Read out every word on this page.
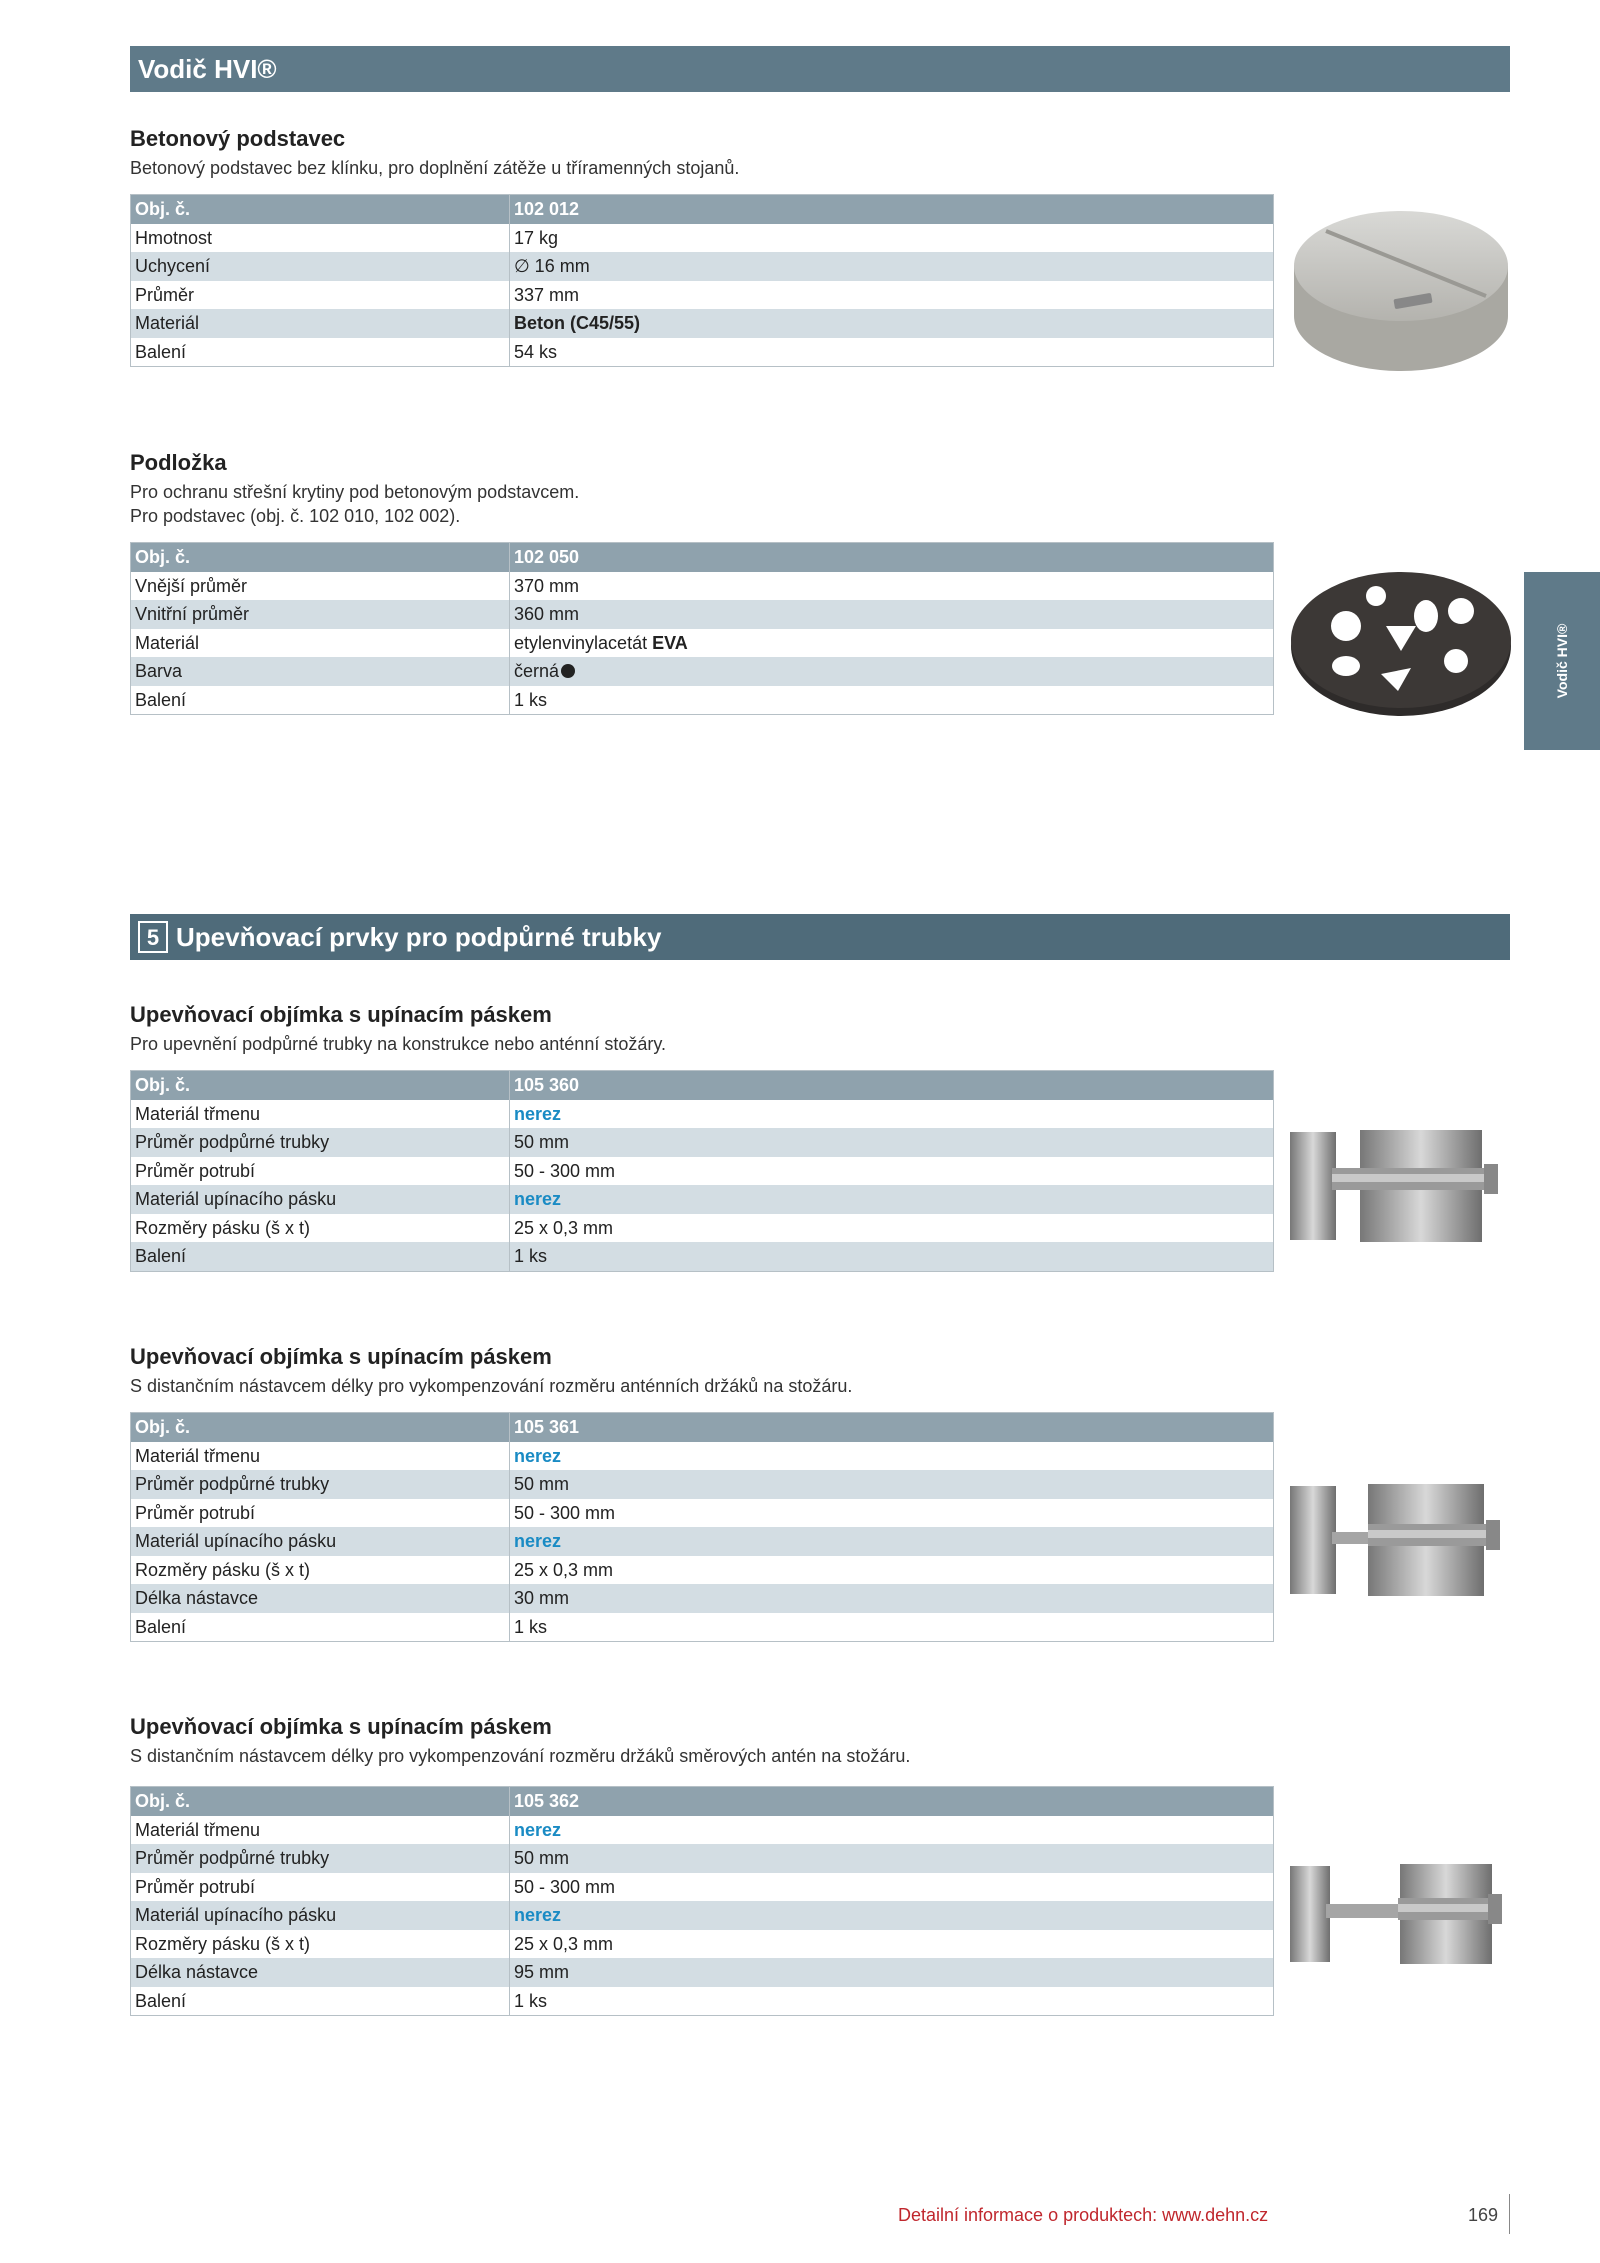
Vodič HVI®
Vodič HVI®
Betonový podstavec

Betonový podstavec bez klínku, pro doplnění zátěže u tříramenných stojanů.

Obj. č.	102 012
Hmotnost	17 kg
Uchycení	∅ 16 mm
Průměr	337 mm
Materiál	Beton (C45/55)
Balení	54 ks
Podložka

Pro ochranu střešní krytiny pod betonovým podstavcem.

Pro podstavec (obj. č. 102 010, 102 002).

Obj. č.	102 050
Vnější průměr	370 mm
Vnitřní průměr	360 mm
Materiál	etylenvinylacetát EVA
Barva	černá
Balení	1 ks
5 Upevňovací prvky pro podpůrné trubky
Upevňovací objímka s upínacím páskem

Pro upevnění podpůrné trubky na konstrukce nebo anténní stožáry.

Obj. č.	105 360
Materiál třmenu	nerez
Průměr podpůrné trubky	50 mm
Průměr potrubí	50 - 300 mm
Materiál upínacího pásku	nerez
Rozměry pásku (š x t)	25 x 0,3 mm
Balení	1 ks
Upevňovací objímka s upínacím páskem

S distančním nástavcem délky pro vykompenzování rozměru anténních držáků na stožáru.

Obj. č.	105 361
Materiál třmenu	nerez
Průměr podpůrné trubky	50 mm
Průměr potrubí	50 - 300 mm
Materiál upínacího pásku	nerez
Rozměry pásku (š x t)	25 x 0,3 mm
Délka nástavce	30 mm
Balení	1 ks
Upevňovací objímka s upínacím páskem

S distančním nástavcem délky pro vykompenzování rozměru držáků směrových antén na stožáru.

Obj. č.	105 362
Materiál třmenu	nerez
Průměr podpůrné trubky	50 mm
Průměr potrubí	50 - 300 mm
Materiál upínacího pásku	nerez
Rozměry pásku (š x t)	25 x 0,3 mm
Délka nástavce	95 mm
Balení	1 ks
Detailní informace o produktech: www.dehn.cz	169
